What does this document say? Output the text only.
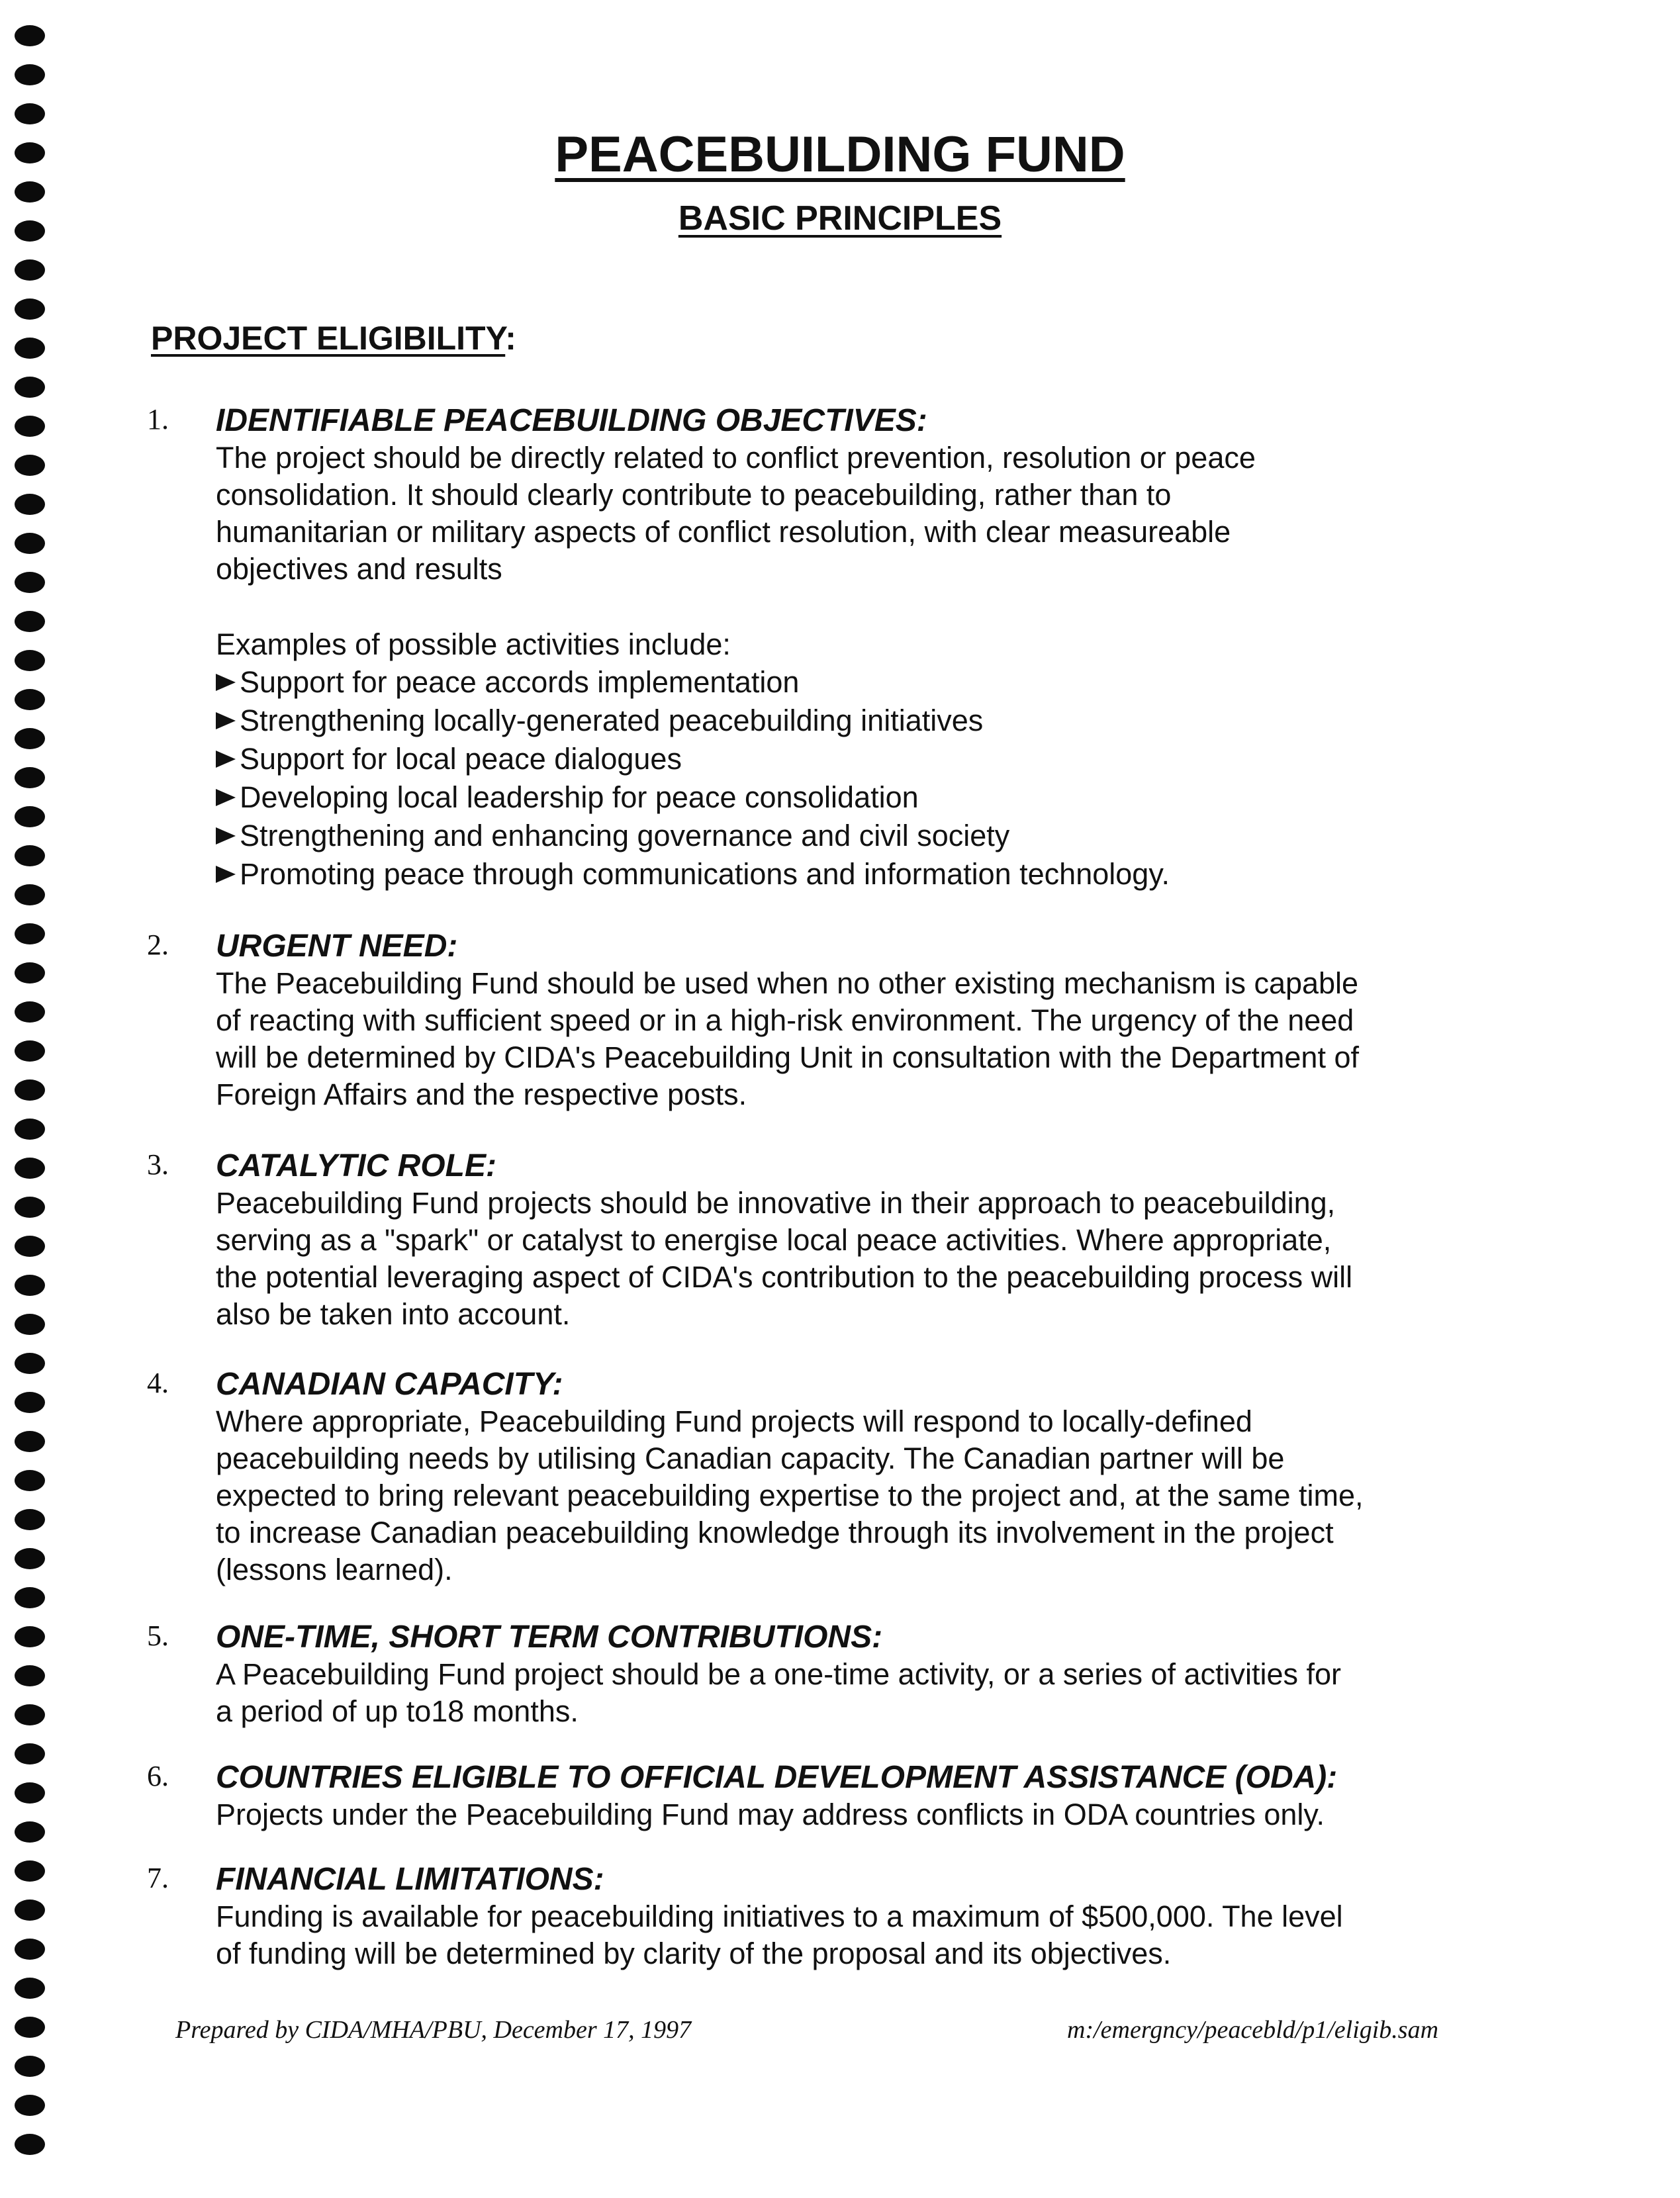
PEACEBUILDING FUND
BASIC PRINCIPLES
PROJECT ELIGIBILITY:
1. IDENTIFIABLE PEACEBUILDING OBJECTIVES:

The project should be directly related to conflict prevention, resolution or peace
consolidation. It should clearly contribute to peacebuilding, rather than to
humanitarian or military aspects of conflict resolution, with clear measureable
objectives and results

Examples of possible activities include:

Support for peace accords implementation
Strengthening locally-generated peacebuilding initiatives
Support for local peace dialogues
Developing local leadership for peace consolidation
Strengthening and enhancing governance and civil society
Promoting peace through communications and information technology.
2. URGENT NEED:

The Peacebuilding Fund should be used when no other existing mechanism is capable
of reacting with sufficient speed or in a high-risk environment. The urgency of the need
will be determined by CIDA's Peacebuilding Unit in consultation with the Department of
Foreign Affairs and the respective posts.

3. CATALYTIC ROLE:

Peacebuilding Fund projects should be innovative in their approach to peacebuilding,
serving as a "spark" or catalyst to energise local peace activities. Where appropriate,
the potential leveraging aspect of CIDA's contribution to the peacebuilding process will
also be taken into account.

4. CANADIAN CAPACITY:

Where appropriate, Peacebuilding Fund projects will respond to locally-defined
peacebuilding needs by utilising Canadian capacity. The Canadian partner will be
expected to bring relevant peacebuilding expertise to the project and, at the same time,
to increase Canadian peacebuilding knowledge through its involvement in the project
(lessons learned).

5. ONE-TIME, SHORT TERM CONTRIBUTIONS:

A Peacebuilding Fund project should be a one-time activity, or a series of activities for
a period of up to18 months.

6. COUNTRIES ELIGIBLE TO OFFICIAL DEVELOPMENT ASSISTANCE (ODA):

Projects under the Peacebuilding Fund may address conflicts in ODA countries only.

7. FINANCIAL LIMITATIONS:

Funding is available for peacebuilding initiatives to a maximum of $500,000. The level
of funding will be determined by clarity of the proposal and its objectives.

Prepared by CIDA/MHA/PBU, December 17, 1997	m:/emergncy/peacebld/p1/eligib.sam
